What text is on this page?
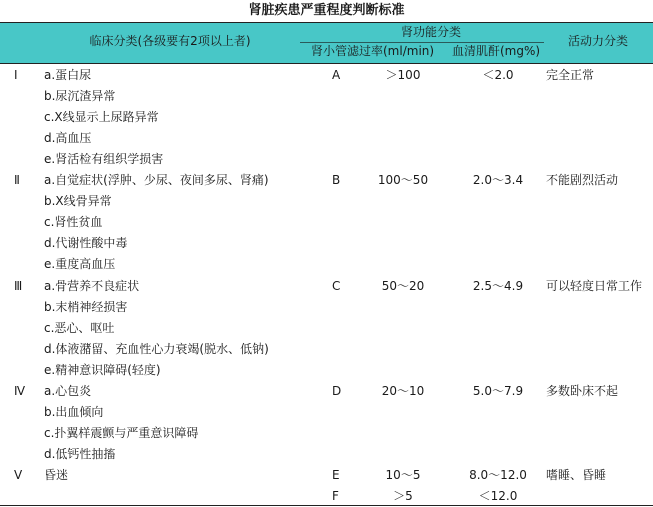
肾脏疾患严重程度判断标准
临床分类(各级要有2项以上者)
肾功能分类
肾小管滤过率(ml/min)	血清肌酐(mg%)
活动力分类
Ⅰ	a.蛋白尿	A	＞100	＜2.0	完全正常
b.尿沉渣异常
c.X线显示上尿路异常
d.高血压
e.肾活检有组织学损害
Ⅱ	a.自觉症状(浮肿、少尿、夜间多尿、肾痛)	B	100～50	2.0～3.4	不能剧烈活动
b.X线骨异常
c.肾性贫血
d.代谢性酸中毒
e.重度高血压
Ⅲ	a.骨营养不良症状	C	50～20	2.5～4.9	可以轻度日常工作
b.末梢神经损害
c.恶心、呕吐
d.体液潴留、充血性心力衰竭(脱水、低钠)
e.精神意识障碍(轻度)
Ⅳ	a.心包炎	D	20～10	5.0～7.9	多数卧床不起
b.出血倾向
c.扑翼样震颤与严重意识障碍
d.低钙性抽搐
Ⅴ	昏迷	E	10～5	8.0～12.0	嗜睡、昏睡
F	＞5	＜12.0
